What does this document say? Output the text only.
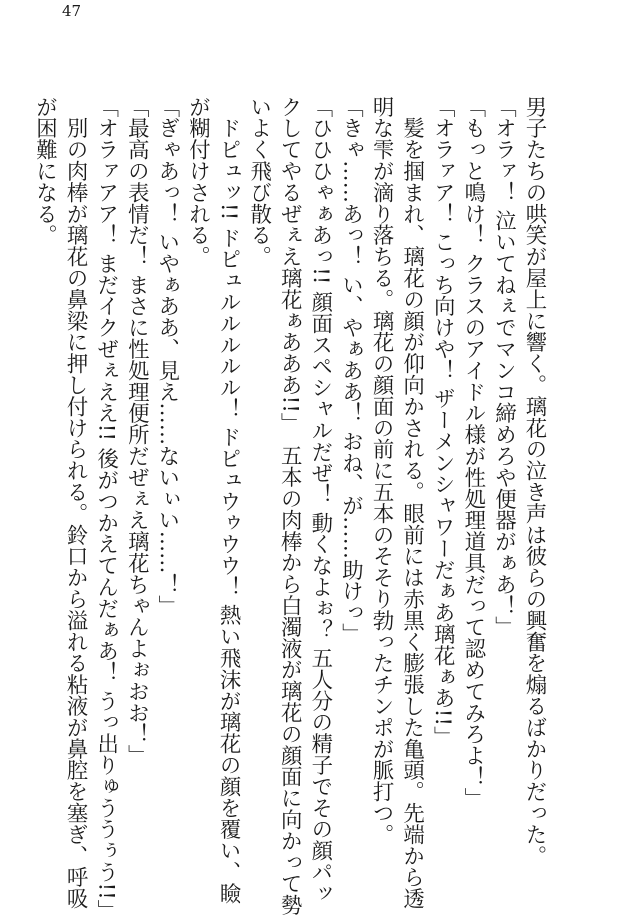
47
男子たちの哄笑が屋上に響く。璃花の泣き声は彼らの興奮を煽るばかりだった。
「オラァ！ 泣いてねぇでマンコ締めろや便器がぁあ！」
「もっと鳴け！ クラスのアイドル様が性処理道具だって認めてみろよ！」
「オラァア！ こっち向けや！ ザーメンシャワーだぁあ璃花ぁあ!!」
　髪を掴まれ、璃花の顔が仰向かされる。眼前には赤黒く膨張した亀頭。先端から透
明な雫が滴り落ちる。璃花の顔面の前に五本のそそり勃ったチンポが脈打つ。
「きゃ……あっ！ い、やぁああ！ おね、が……助けっ」
「ひひひゃぁあっ!! 顔面スペシャルだぜ！ 動くなよぉ？ 五人分の精子でその顔パッ
クしてやるぜぇえ璃花ぁあああ!!」　五本の肉棒から白濁液が璃花の顔面に向かって勢
いよく飛び散る。
　ドピュッ!! ドピュルルルルル！ ドピュウゥウウ！ 熱い飛沫が璃花の顔を覆い、瞼
が糊付けされる。
「ぎゃあっ！ いやぁああ、見え……ないぃい……！」
「最高の表情だ！ まさに性処理便所だぜぇえ璃花ちゃんよぉおお！」
「オラァアア！ まだイクぜぇええ!! 後がつかえてんだぁあ！ うっ出りゅううぅう!!」
　別の肉棒が璃花の鼻梁に押し付けられる。鈴口から溢れる粘液が鼻腔を塞ぎ、呼吸
が困難になる。
